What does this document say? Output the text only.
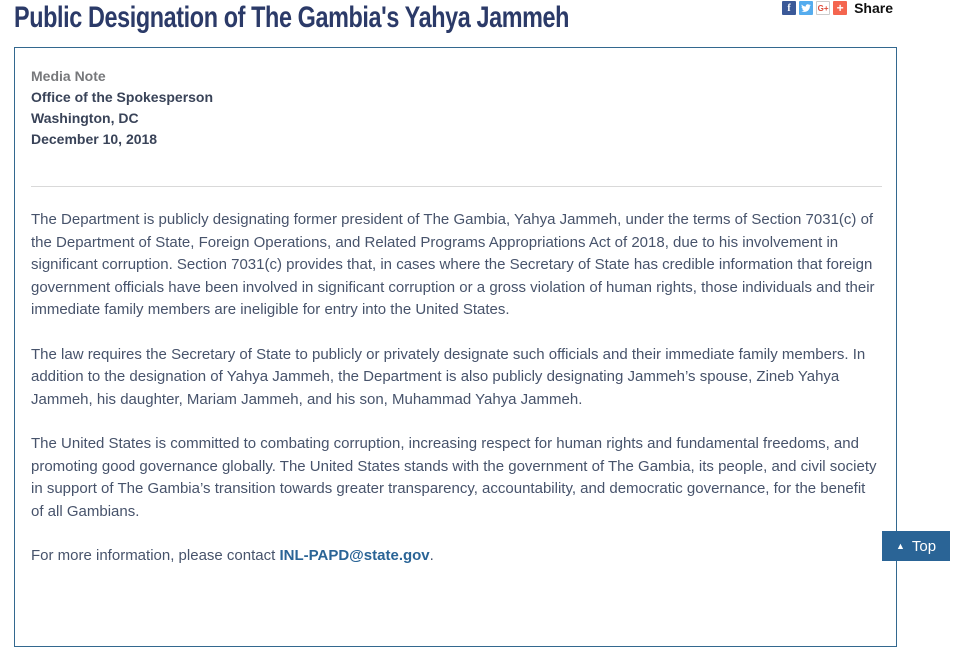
Public Designation of The Gambia's Yahya Jammeh	f	G+ + Share
Media Note
Office of the Spokesperson
Washington, DC
December 10, 2018

The Department is publicly designating former president of The Gambia, Yahya Jammeh, under the terms of Section 7031(c) of the Department of State, Foreign Operations, and Related Programs Appropriations Act of 2018, due to his involvement in significant corruption. Section 7031(c) provides that, in cases where the Secretary of State has credible information that foreign government officials have been involved in significant corruption or a gross violation of human rights, those individuals and their immediate family members are ineligible for entry into the United States.

The law requires the Secretary of State to publicly or privately designate such officials and their immediate family members. In addition to the designation of Yahya Jammeh, the Department is also publicly designating Jammeh’s spouse, Zineb Yahya Jammeh, his daughter, Mariam Jammeh, and his son, Muhammad Yahya Jammeh.

The United States is committed to combating corruption, increasing respect for human rights and fundamental freedoms, and promoting good governance globally. The United States stands with the government of The Gambia, its people, and civil society in support of The Gambia’s transition towards greater transparency, accountability, and democratic governance, for the benefit of all Gambians.

For more information, please contact INL-PAPD@state.gov.

▲ Top
